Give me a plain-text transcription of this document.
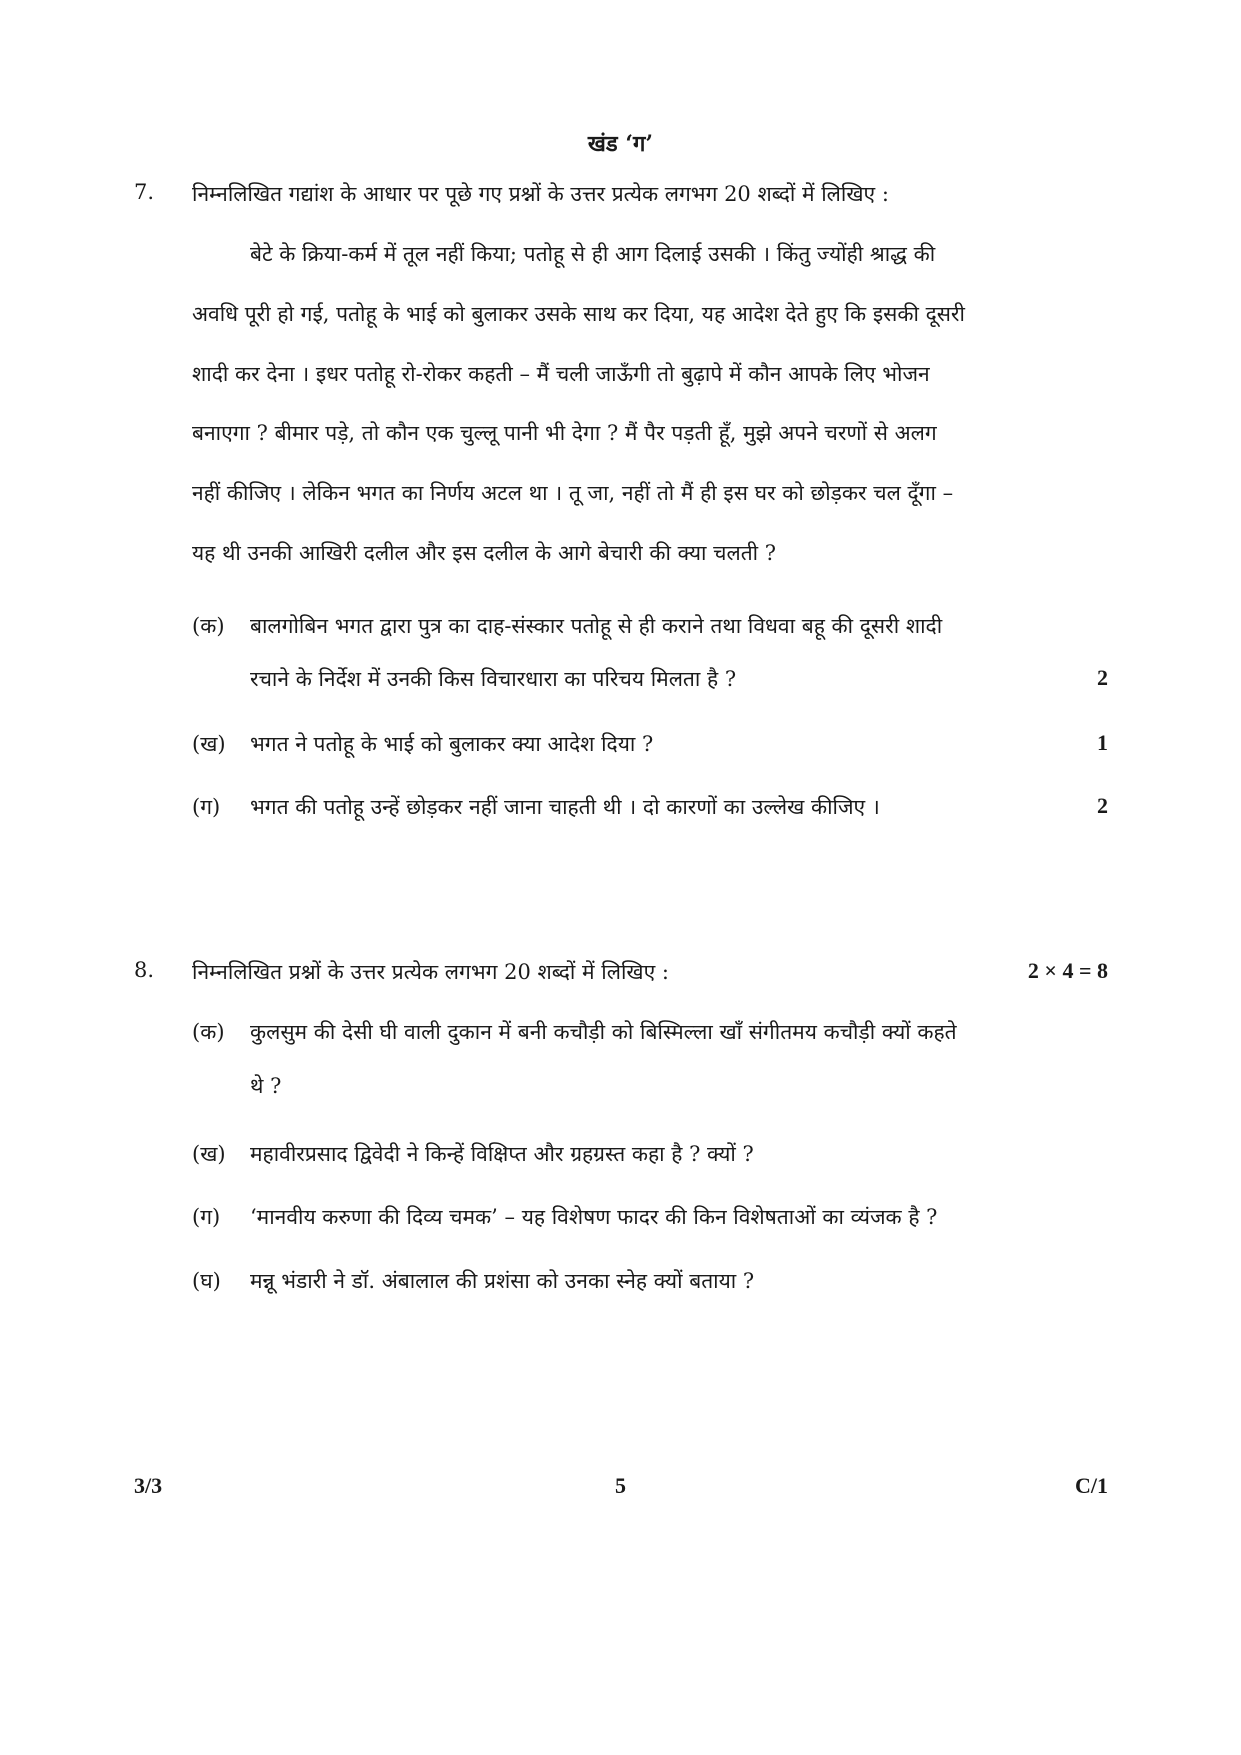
खंड ‘ग’
7. निम्नलिखित गद्यांश के आधार पर पूछे गए प्रश्नों के उत्तर प्रत्येक लगभग 20 शब्दों में लिखिए :
बेटे के क्रिया-कर्म में तूल नहीं किया; पतोहू से ही आग दिलाई उसकी । किंतु ज्योंही श्राद्ध की
अवधि पूरी हो गई, पतोहू के भाई को बुलाकर उसके साथ कर दिया, यह आदेश देते हुए कि इसकी दूसरी
शादी कर देना । इधर पतोहू रो-रोकर कहती – मैं चली जाऊँगी तो बुढ़ापे में कौन आपके लिए भोजन
बनाएगा ? बीमार पड़े, तो कौन एक चुल्लू पानी भी देगा ? मैं पैर पड़ती हूँ, मुझे अपने चरणों से अलग
नहीं कीजिए । लेकिन भगत का निर्णय अटल था । तू जा, नहीं तो मैं ही इस घर को छोड़कर चल दूँगा –
यह थी उनकी आखिरी दलील और इस दलील के आगे बेचारी की क्या चलती ?
(क) बालगोबिन भगत द्वारा पुत्र का दाह-संस्कार पतोहू से ही कराने तथा विधवा बहू की दूसरी शादी
रचाने के निर्देश में उनकी किस विचारधारा का परिचय मिलता है ?	2
(ख) भगत ने पतोहू के भाई को बुलाकर क्या आदेश दिया ?	1
(ग) भगत की पतोहू उन्हें छोड़कर नहीं जाना चाहती थी । दो कारणों का उल्लेख कीजिए ।	2
8. निम्नलिखित प्रश्नों के उत्तर प्रत्येक लगभग 20 शब्दों में लिखिए :	2 × 4 = 8
(क) कुलसुम की देसी घी वाली दुकान में बनी कचौड़ी को बिस्मिल्ला खाँ संगीतमय कचौड़ी क्यों कहते
थे ?
(ख) महावीरप्रसाद द्विवेदी ने किन्हें विक्षिप्त और ग्रहग्रस्त कहा है ? क्यों ?
(ग) ‘मानवीय करुणा की दिव्य चमक’ – यह विशेषण फादर की किन विशेषताओं का व्यंजक है ?
(घ) मन्नू भंडारी ने डॉ. अंबालाल की प्रशंसा को उनका स्नेह क्यों बताया ?
3/3	5	C/1
